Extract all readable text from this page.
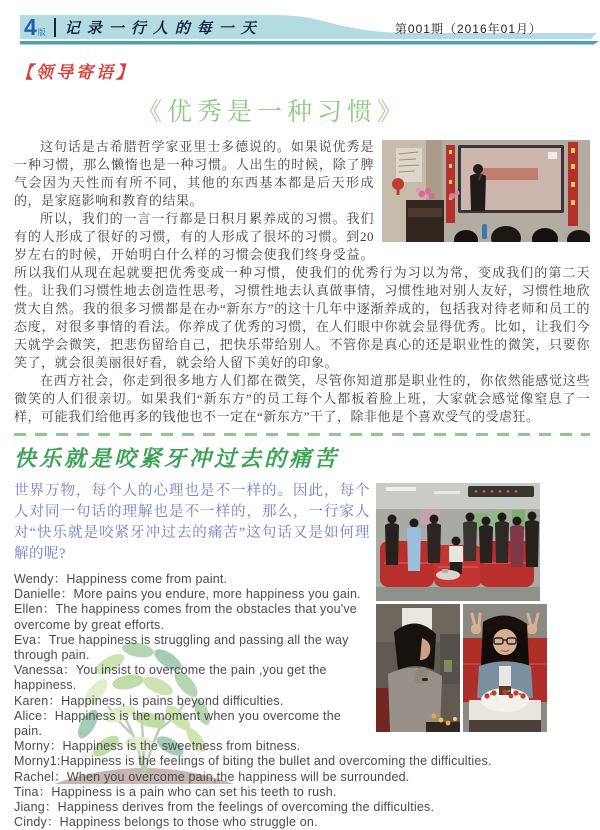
4 版 记录一行人的每一天	第001期（2016年01月）
【领导寄语】
《优秀是一种习惯》

这句话是古希腊哲学家亚里士多德说的。如果说优秀是一种习惯，那么懒惰也是一种习惯。人出生的时候，除了脾气会因为天性而有所不同，其他的东西基本都是后天形成的，是家庭影响和教育的结果。

所以，我们的一言一行都是日积月累养成的习惯。我们有的人形成了很好的习惯，有的人形成了很坏的习惯。到20岁左右的时候，开始明白什么样的习惯会使我们终身受益。所以我们从现在起就要把优秀变成一种习惯，使我们的优秀行为习以为常，变成我们的第二天性。让我们习惯性地去创造性思考，习惯性地去认真做事情，习惯性地对别人友好，习惯性地欣赏大自然。我的很多习惯都是在办“新东方”的这十几年中逐渐养成的，包括我对待老师和员工的态度，对很多事情的看法。你养成了优秀的习惯，在人们眼中你就会显得优秀。比如，让我们今天就学会微笑，把悲伤留给自己，把快乐带给别人。不管你是真心的还是职业性的微笑，只要你笑了，就会很美丽很好看，就会给人留下美好的印象。

在西方社会，你走到很多地方人们都在微笑，尽管你知道那是职业性的，你依然能感觉这些微笑的人们很亲切。如果我们“新东方”的员工每个人都板着脸上班，大家就会感觉像窒息了一样，可能我们给他再多的钱他也不一定在“新东方”干了，除非他是个喜欢受气的受虐狂。

快乐就是咬紧牙冲过去的痛苦

世界万物，每个人的心理也是不一样的。因此，每个人对同一句话的理解也是不一样的，那么，一行家人对“快乐就是咬紧牙冲过去的痛苦”这句话又是如何理解的呢?

Wendy：Happiness come from paint.
Danielle：More pains you endure, more happiness you gain.
Ellen：The happiness comes from the obstacles that you've overcome by great efforts.
Eva：True happiness is struggling and passing all the way through pain.
Vanessa：You insist to overcome the pain ,you get the happiness.
Karen：Happiness, is pains beyond difficulties.
Alice：Happiness is the moment when you overcome the pain.
Morny：Happiness is the sweetness from bitness.
Morny1:Happiness is the feelings of biting the bullet and overcoming the difficulties.
Rachel：When you overcome pain,the happiness will be surrounded.
Tina：Happiness is a pain who can set his teeth to rush.
Jiang：Happiness derives from the feelings of overcoming the difficulties.
Cindy：Happiness belongs to those who struggle on.
